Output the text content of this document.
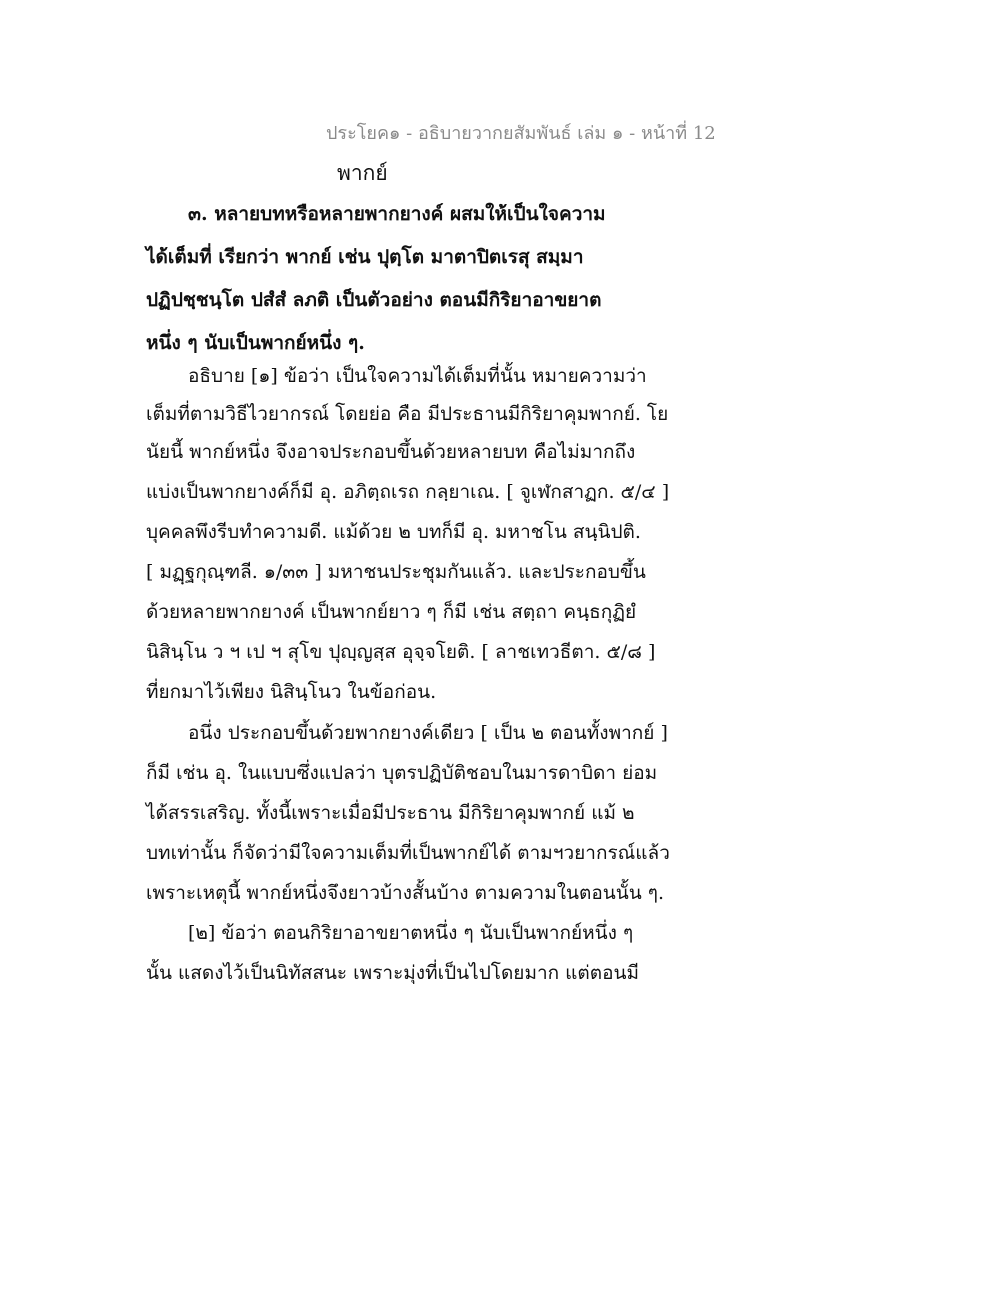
ประโยค๑ - อธิบายวากยสัมพันธ์ เล่ม ๑ - หน้าที่ 12
พากย์
๓. หลายบทหรือหลายพากยางค์ ผสมให้เป็นใจความ
ได้เต็มที่ เรียกว่า พากย์ เช่น ปุตฺโต มาตาปิตเรสุ สมฺมา
ปฏิปชฺชนฺโต ปสํสํ ลภติ เป็นตัวอย่าง ตอนมีกิริยาอาขยาต
หนึ่ง ๆ นับเป็นพากย์หนึ่ง ๆ.
อธิบาย [๑] ข้อว่า เป็นใจความได้เต็มที่นั้น หมายความว่า
เต็มที่ตามวิธีไวยากรณ์ โดยย่อ คือ มีประธานมีกิริยาคุมพากย์. โย
นัยนี้ พากย์หนึ่ง จึงอาจประกอบขึ้นด้วยหลายบท คือไม่มากถึง
แบ่งเป็นพากยางค์ก็มี อุ. อภิตฺถเรถ กลฺยาเณ. [ จูเฬกสาฏก. ๕/๔ ]
บุคคลพึงรีบทำความดี. แม้ด้วย ๒ บทก็มี อุ. มหาชโน สนฺนิปติ.
[ มฏฺฐกุณฺฑลี. ๑/๓๓ ] มหาชนประชุมกันแล้ว. และประกอบขึ้น
ด้วยหลายพากยางค์ เป็นพากย์ยาว ๆ ก็มี เช่น สตฺถา คนฺธกุฏิยํ
นิสินฺโน ว ฯ เป ฯ สุโข ปุญฺญสฺส อุจฺจโยติ. [ ลาชเทวธีตา. ๕/๘ ]
ที่ยกมาไว้เพียง นิสินฺโนว ในข้อก่อน.
อนึ่ง ประกอบขึ้นด้วยพากยางค์เดียว [ เป็น ๒ ตอนทั้งพากย์ ]
ก็มี เช่น อุ. ในแบบซึ่งแปลว่า บุตรปฏิบัติชอบในมารดาบิดา ย่อม
ได้สรรเสริญ. ทั้งนี้เพราะเมื่อมีประธาน มีกิริยาคุมพากย์ แม้ ๒
บทเท่านั้น ก็จัดว่ามีใจความเต็มที่เป็นพากย์ได้ ตามฯวยากรณ์แล้ว
เพราะเหตุนี้ พากย์หนึ่งจึงยาวบ้างสั้นบ้าง ตามความในตอนนั้น ๆ.
[๒] ข้อว่า ตอนกิริยาอาขยาตหนึ่ง ๆ นับเป็นพากย์หนึ่ง ๆ
นั้น แสดงไว้เป็นนิทัสสนะ เพราะมุ่งที่เป็นไปโดยมาก แต่ตอนมี
